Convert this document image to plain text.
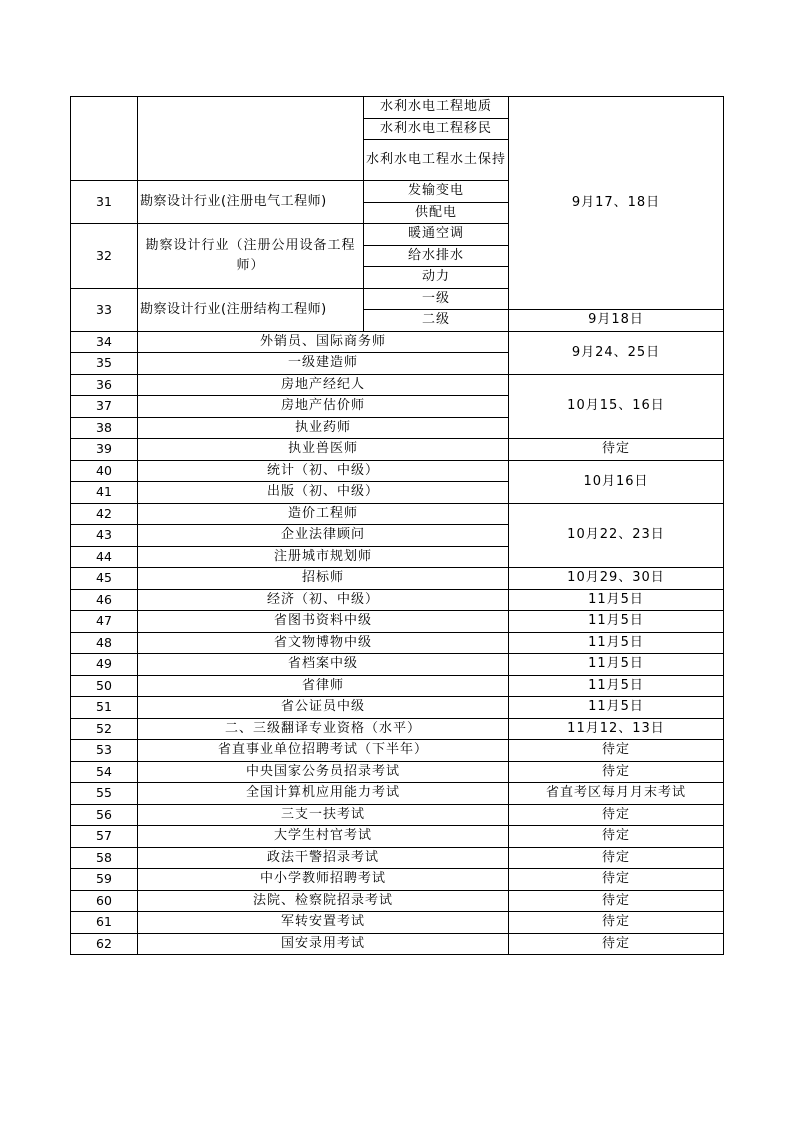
		水利水电工程地质	9月17、18日
		水利水电工程移民	
		水利水电工程水土保持	
31	勘察设计行业(注册电气工程师)	发输变电	
		供配电	
32	勘察设计行业（注册公用设备工程师）	暖通空调	
		给水排水	
		动力	
33	勘察设计行业(注册结构工程师)	一级	
		二级	9月18日
34	外销员、国际商务师		9月24、25日
35	一级建造师		
36	房地产经纪人		10月15、16日
37	房地产估价师		
38	执业药师		
39	执业兽医师		待定
40	统计（初、中级）		10月16日
41	出版（初、中级）		
42	造价工程师		10月22、23日
43	企业法律顾问		
44	注册城市规划师		
45	招标师		10月29、30日
46	经济（初、中级）		11月5日
47	省图书资料中级		11月5日
48	省文物博物中级		11月5日
49	省档案中级		11月5日
50	省律师		11月5日
51	省公证员中级		11月5日
52	二、三级翻译专业资格（水平）		11月12、13日
53	省直事业单位招聘考试（下半年）		待定
54	中央国家公务员招录考试		待定
55	全国计算机应用能力考试		省直考区每月月末考试
56	三支一扶考试		待定
57	大学生村官考试		待定
58	政法干警招录考试		待定
59	中小学教师招聘考试		待定
60	法院、检察院招录考试		待定
61	军转安置考试		待定
62	国安录用考试		待定
